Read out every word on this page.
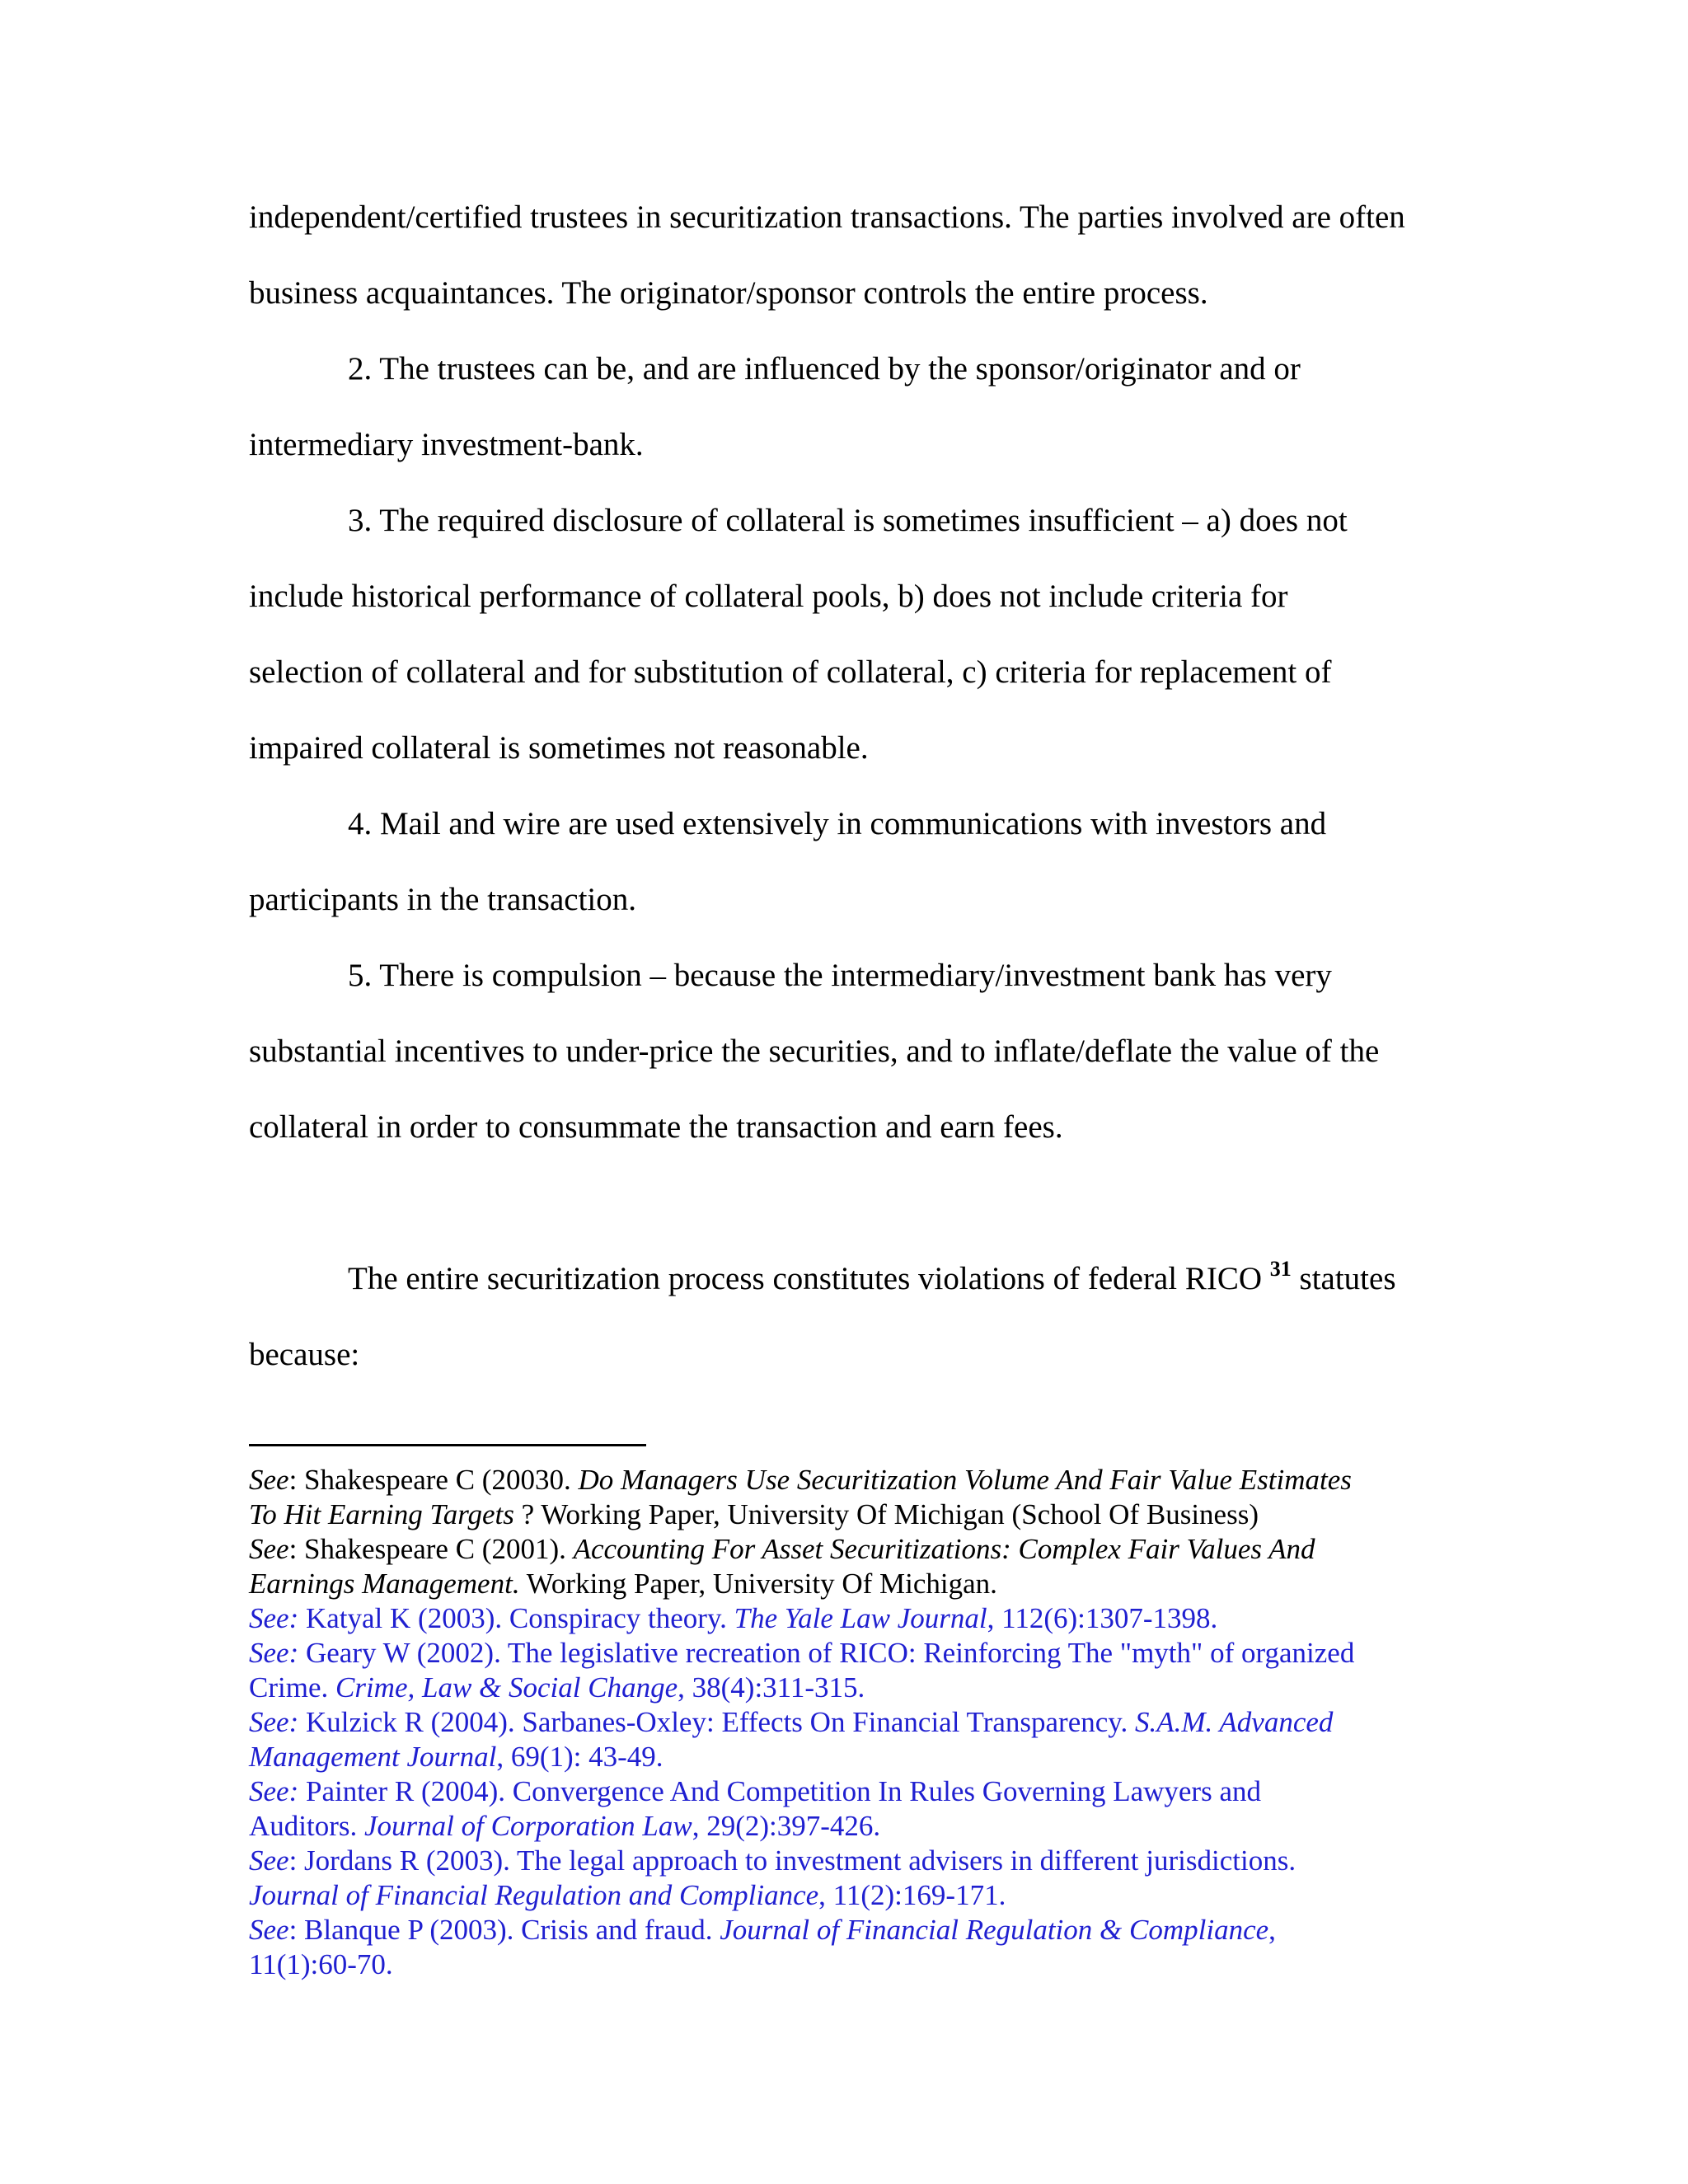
independent/certified trustees in securitization transactions. The parties involved are often
business acquaintances. The originator/sponsor controls the entire process.
2. The trustees can be, and are influenced by the sponsor/originator and or
intermediary investment-bank.
3. The required disclosure of collateral is sometimes insufficient – a) does not
include historical performance of collateral pools, b) does not include criteria for
selection of collateral and for substitution of collateral, c) criteria for replacement of
impaired collateral is sometimes not reasonable.
4. Mail and wire are used extensively in communications with investors and
participants in the transaction.
5. There is compulsion – because the intermediary/investment bank has very
substantial incentives to under-price the securities, and to inflate/deflate the value of the
collateral in order to consummate the transaction and earn fees.
The entire securitization process constitutes violations of federal RICO $^{31}$ statutes
because:
See: Shakespeare C (20030. Do Managers Use Securitization Volume And Fair Value Estimates
To Hit Earning Targets ? Working Paper, University Of Michigan (School Of Business)
See: Shakespeare C (2001). Accounting For Asset Securitizations: Complex Fair Values And
Earnings Management. Working Paper, University Of Michigan.
See: Katyal K (2003). Conspiracy theory. The Yale Law Journal, 112(6):1307-1398.
See: Geary W (2002). The legislative recreation of RICO: Reinforcing The "myth" of organized
Crime. Crime, Law & Social Change, 38(4):311-315.
See: Kulzick R (2004). Sarbanes-Oxley: Effects On Financial Transparency. S.A.M. Advanced
Management Journal, 69(1): 43-49.
See: Painter R (2004). Convergence And Competition In Rules Governing Lawyers and
Auditors. Journal of Corporation Law, 29(2):397-426.
See: Jordans R (2003). The legal approach to investment advisers in different jurisdictions.
Journal of Financial Regulation and Compliance, 11(2):169-171.
See: Blanque P (2003). Crisis and fraud. Journal of Financial Regulation & Compliance,
11(1):60-70.
